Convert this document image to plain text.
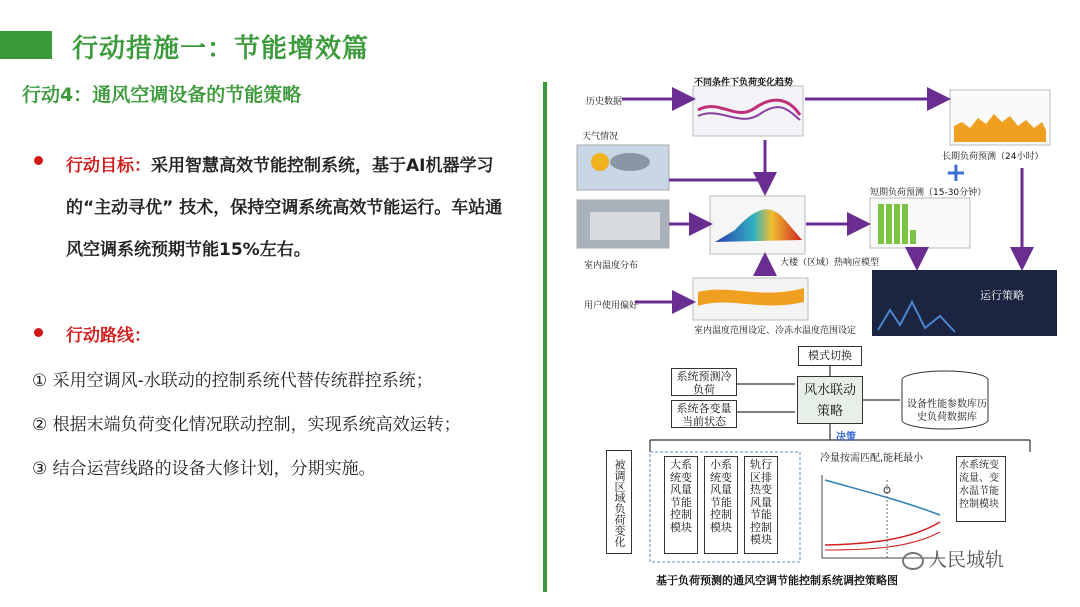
行动措施一：节能增效篇
行动4：通风空调设备的节能策略
行动目标：采用智慧高效节能控制系统，基于AI机器学习的“主动寻优” 技术，保持空调系统高效节能运行。车站通风空调系统预期节能15%左右。
行动路线：
① 采用空调风-水联动的控制系统代替传统群控系统；
② 根据末端负荷变化情况联动控制，实现系统高效运转；
③ 结合运营线路的设备大修计划，分期实施。
历史数据
天气情况
不同条件下负荷变化趋势
长期负荷预测（24小时）
+
短期负荷预测（15-30分钟）
室内温度分布	大楼（区域）热响应模型
用户使用偏好
运行策略
室内温度范围设定、冷冻水温度范围设定
模式切换
系统预测冷负荷
系统各变量当前状态
风水联动策略	设备性能参数库历史负荷数据库
决策
被调区域负荷变化	大系统变风量节能控制模块
小系统变风量节能控制模块
轨行区排热变风量节能控制模块
冷量按需匹配,能耗最小
水系统变流量、变水温节能控制模块
基于负荷预测的通风空调节能控制系统调控策略图
人民城轨
